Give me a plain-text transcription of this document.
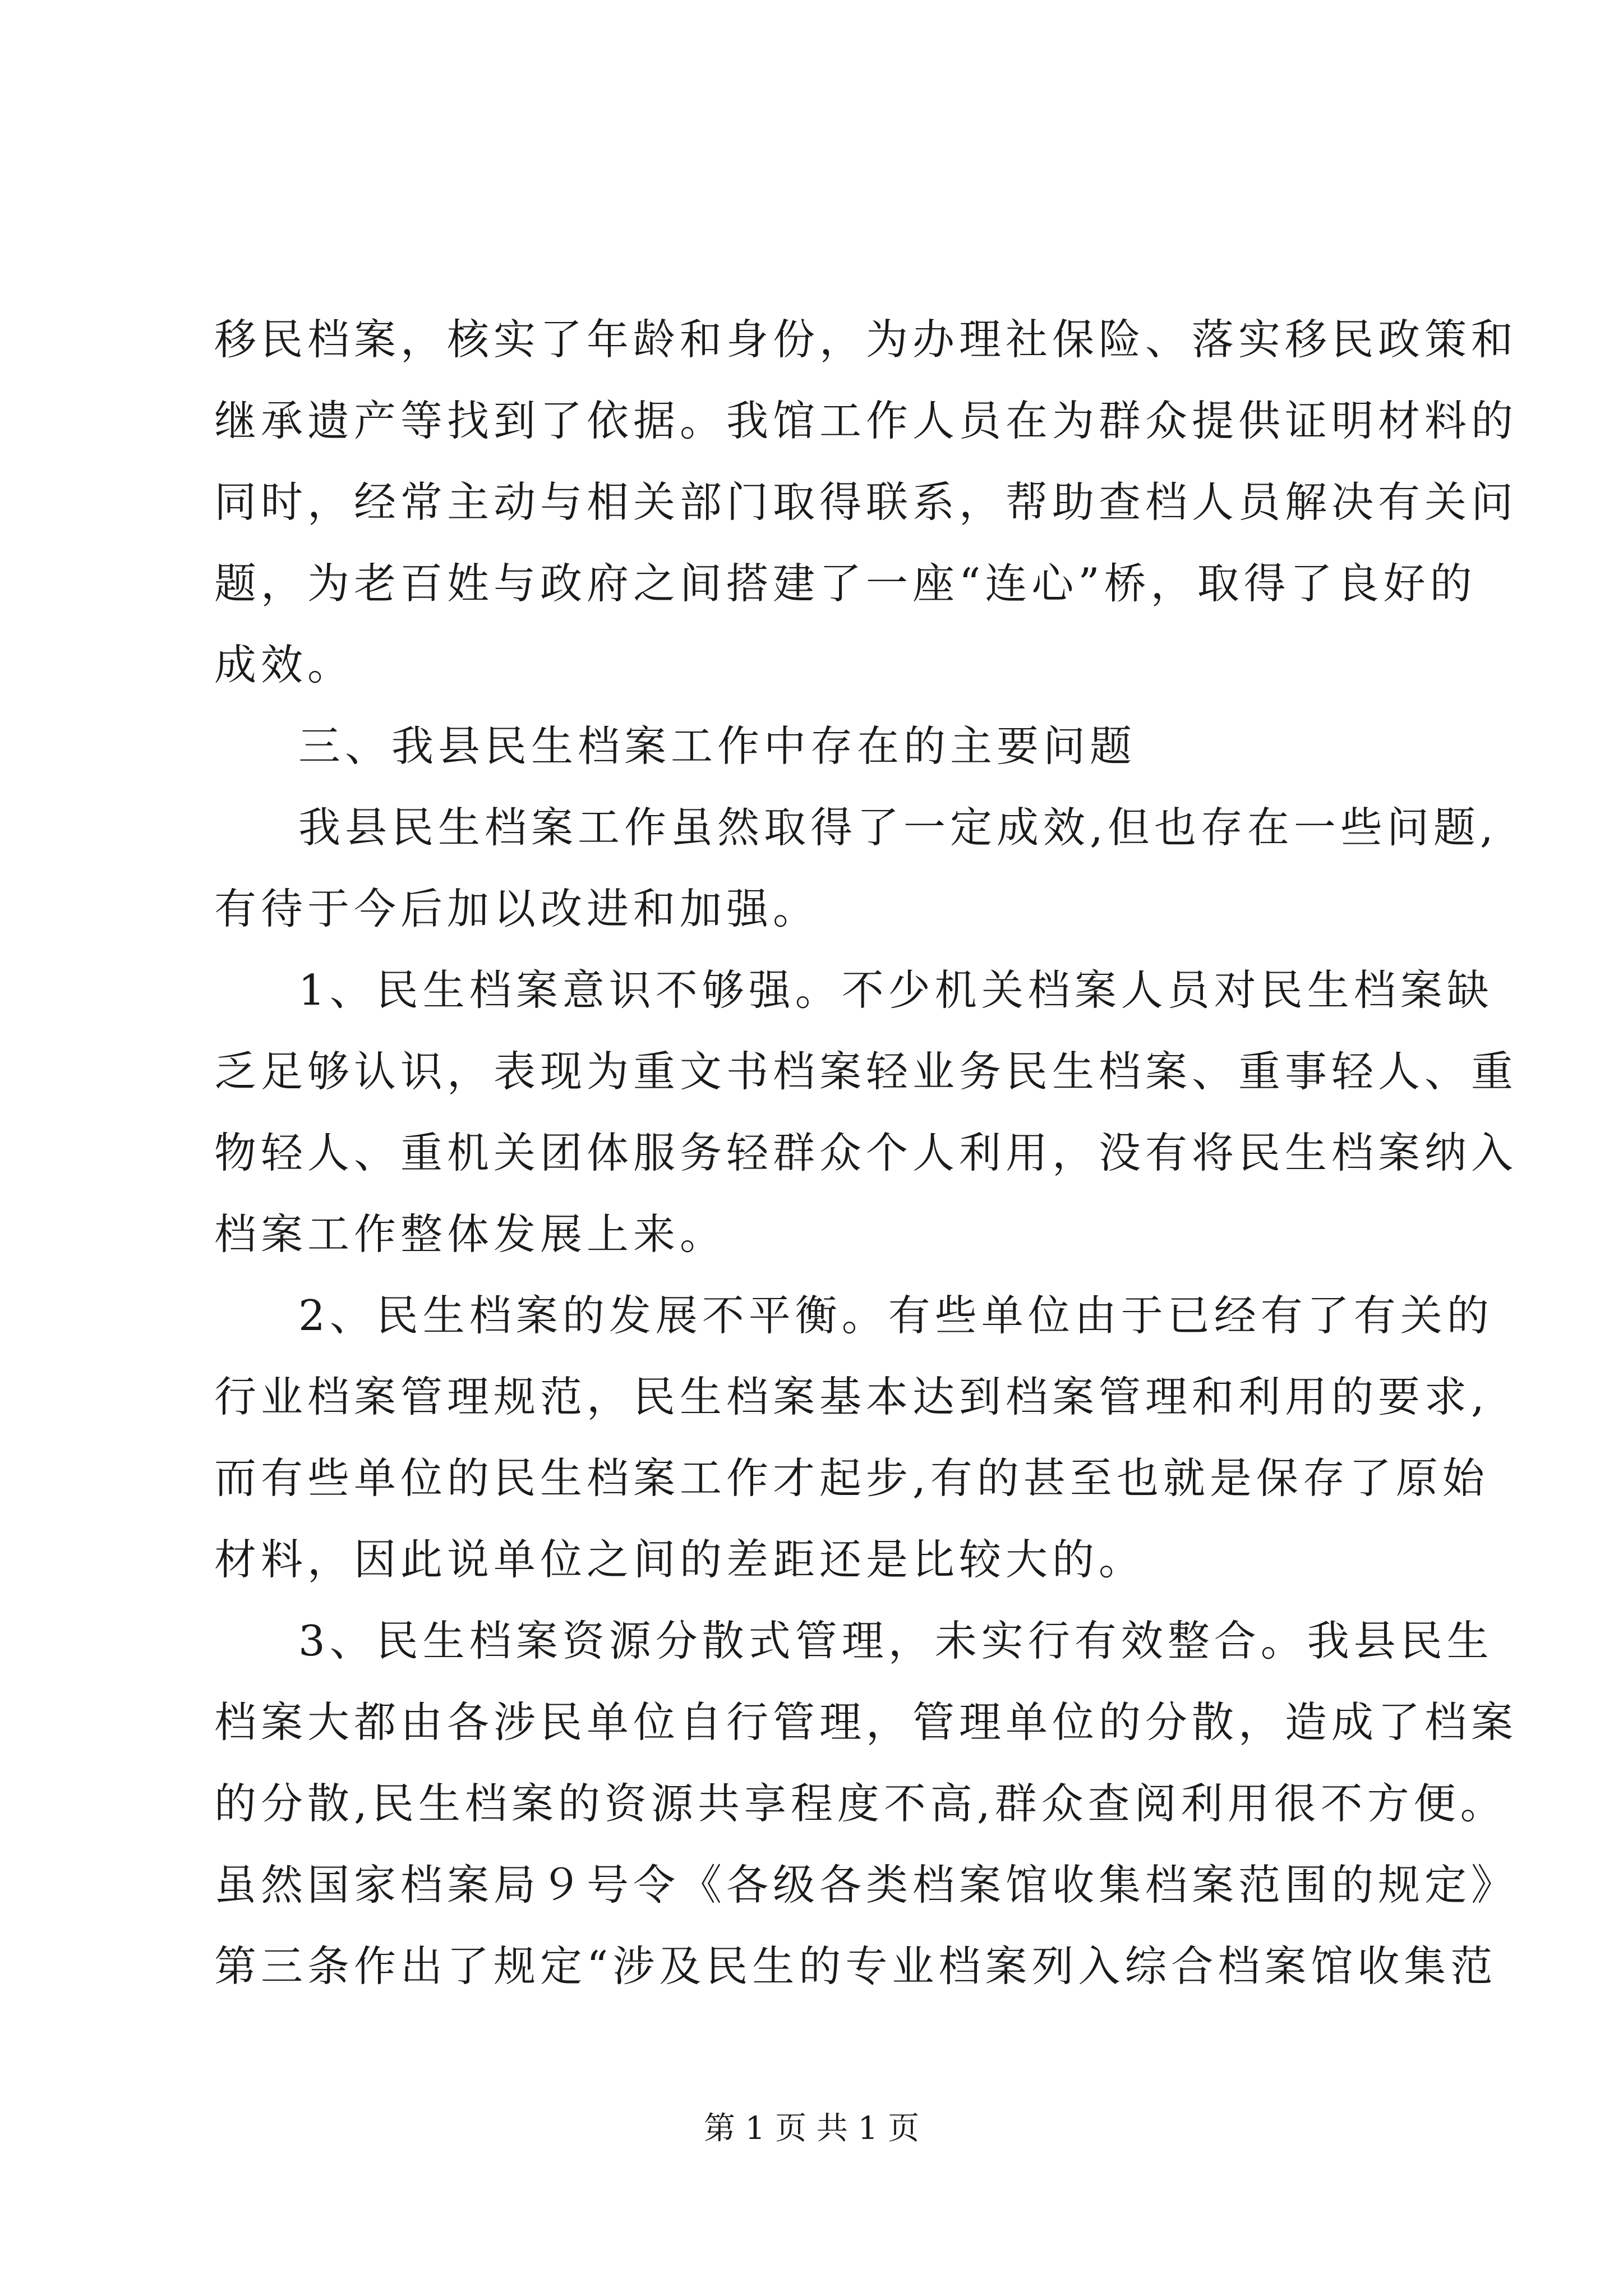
移民档案，核实了年龄和身份，为办理社保险、落实移民政策和
继承遗产等找到了依据。我馆工作人员在为群众提供证明材料的
同时，经常主动与相关部门取得联系，帮助查档人员解决有关问
题，为老百姓与政府之间搭建了一座“连心”桥，取得了良好的
成效。
三、我县民生档案工作中存在的主要问题
我县民生档案工作虽然取得了一定成效,但也存在一些问题,
有待于今后加以改进和加强。
1、民生档案意识不够强。不少机关档案人员对民生档案缺
乏足够认识，表现为重文书档案轻业务民生档案、重事轻人、重
物轻人、重机关团体服务轻群众个人利用，没有将民生档案纳入
档案工作整体发展上来。
2、民生档案的发展不平衡。有些单位由于已经有了有关的
行业档案管理规范，民生档案基本达到档案管理和利用的要求,
而有些单位的民生档案工作才起步,有的甚至也就是保存了原始
材料，因此说单位之间的差距还是比较大的。
3、民生档案资源分散式管理，未实行有效整合。我县民生
档案大都由各涉民单位自行管理，管理单位的分散，造成了档案
的分散,民生档案的资源共享程度不高,群众查阅利用很不方便。
虽然国家档案局９号令《各级各类档案馆收集档案范围的规定》
第三条作出了规定“涉及民生的专业档案列入综合档案馆收集范
第 1 页 共 1 页
